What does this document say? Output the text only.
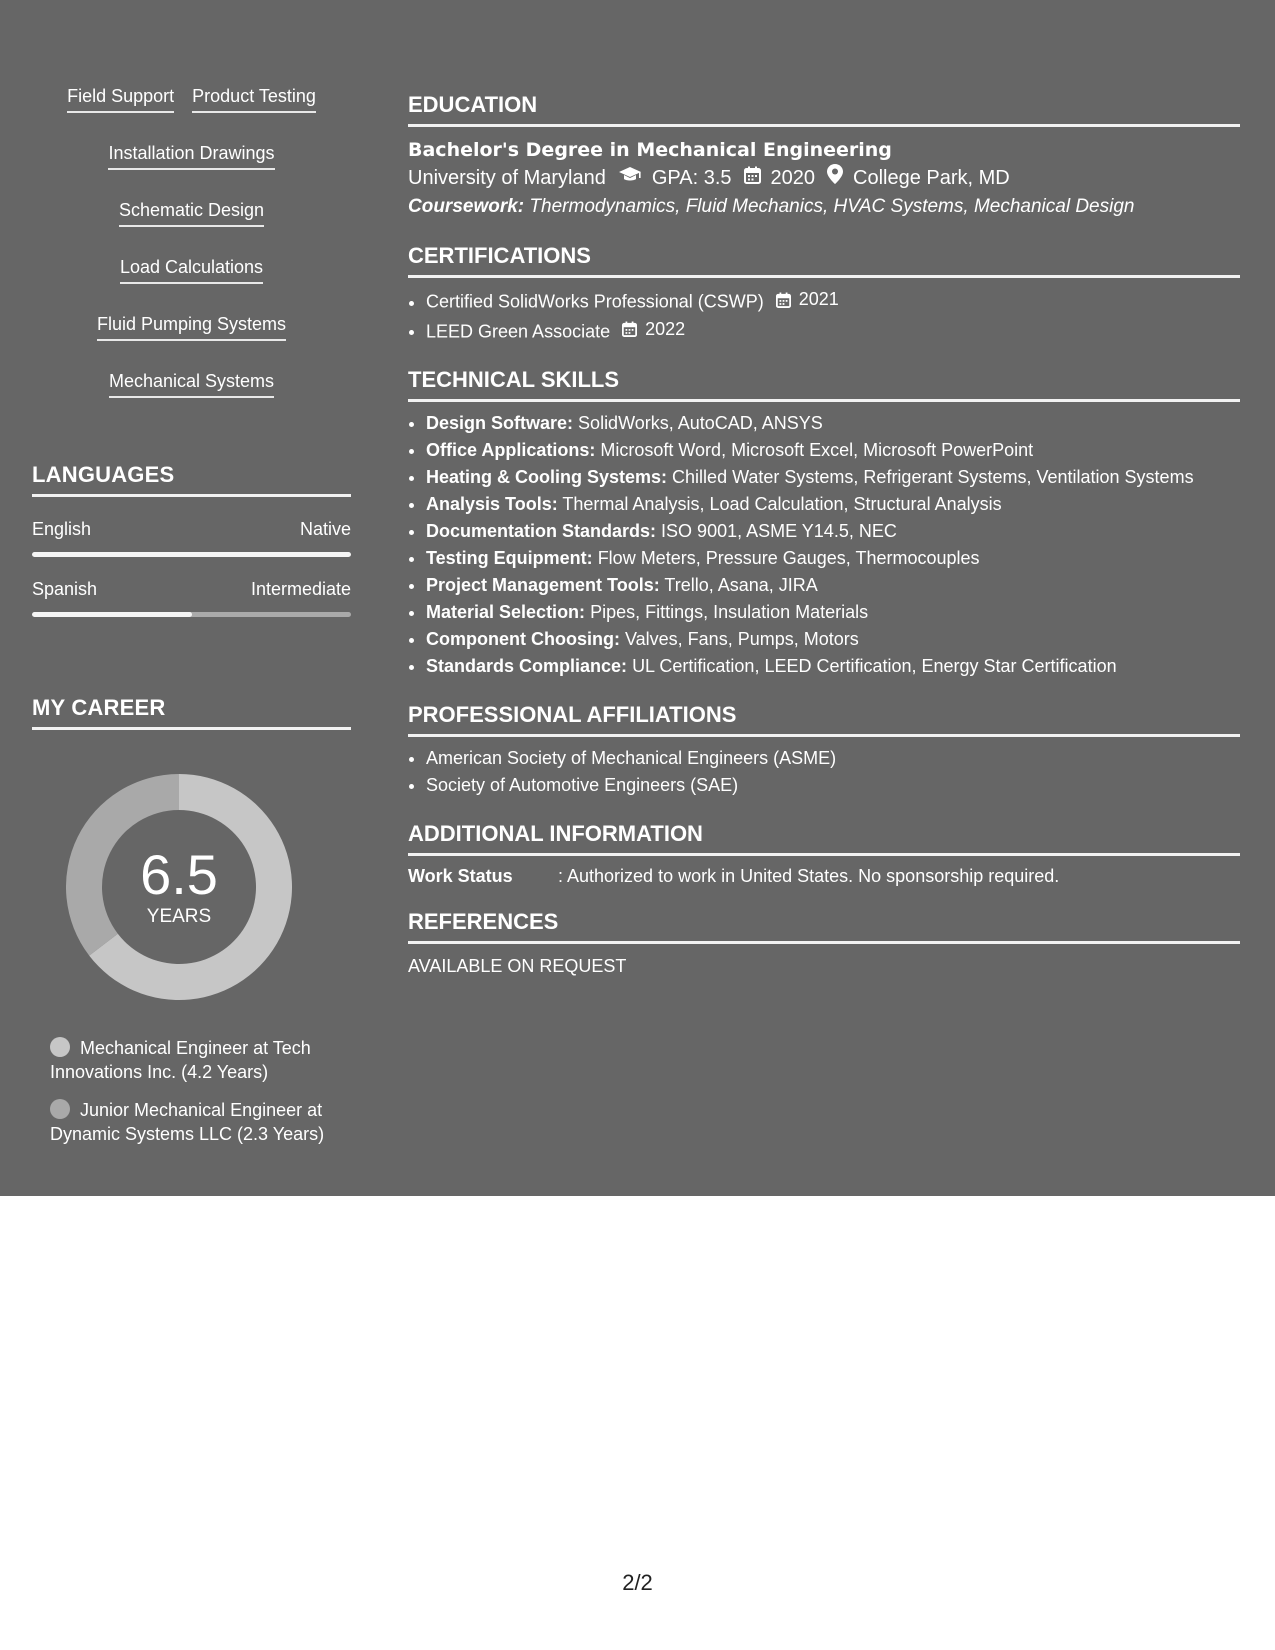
Field Support Product Testing
Installation Drawings
Schematic Design
Load Calculations
Fluid Pumping Systems
Mechanical Systems
LANGUAGES
English	Native
Spanish	Intermediate
MY CAREER
6.5
YEARS
Mechanical Engineer at Tech Innovations Inc. (4.2 Years)
Junior Mechanical Engineer at Dynamic Systems LLC (2.3 Years)
EDUCATION
Bachelor's Degree in Mechanical Engineering
University of Maryland GPA: 3.5 2020 College Park, MD
Coursework: Thermodynamics, Fluid Mechanics, HVAC Systems, Mechanical Design
CERTIFICATIONS
• Certified SolidWorks Professional (CSWP) 2021
• LEED Green Associate 2022
TECHNICAL SKILLS
• Design Software: SolidWorks, AutoCAD, ANSYS
• Office Applications: Microsoft Word, Microsoft Excel, Microsoft PowerPoint
• Heating & Cooling Systems: Chilled Water Systems, Refrigerant Systems, Ventilation Systems
• Analysis Tools: Thermal Analysis, Load Calculation, Structural Analysis
• Documentation Standards: ISO 9001, ASME Y14.5, NEC
• Testing Equipment: Flow Meters, Pressure Gauges, Thermocouples
• Project Management Tools: Trello, Asana, JIRA
• Material Selection: Pipes, Fittings, Insulation Materials
• Component Choosing: Valves, Fans, Pumps, Motors
• Standards Compliance: UL Certification, LEED Certification, Energy Star Certification
PROFESSIONAL AFFILIATIONS
• American Society of Mechanical Engineers (ASME)
• Society of Automotive Engineers (SAE)
ADDITIONAL INFORMATION
Work Status	: Authorized to work in United States. No sponsorship required.
REFERENCES
AVAILABLE ON REQUEST
2/2
